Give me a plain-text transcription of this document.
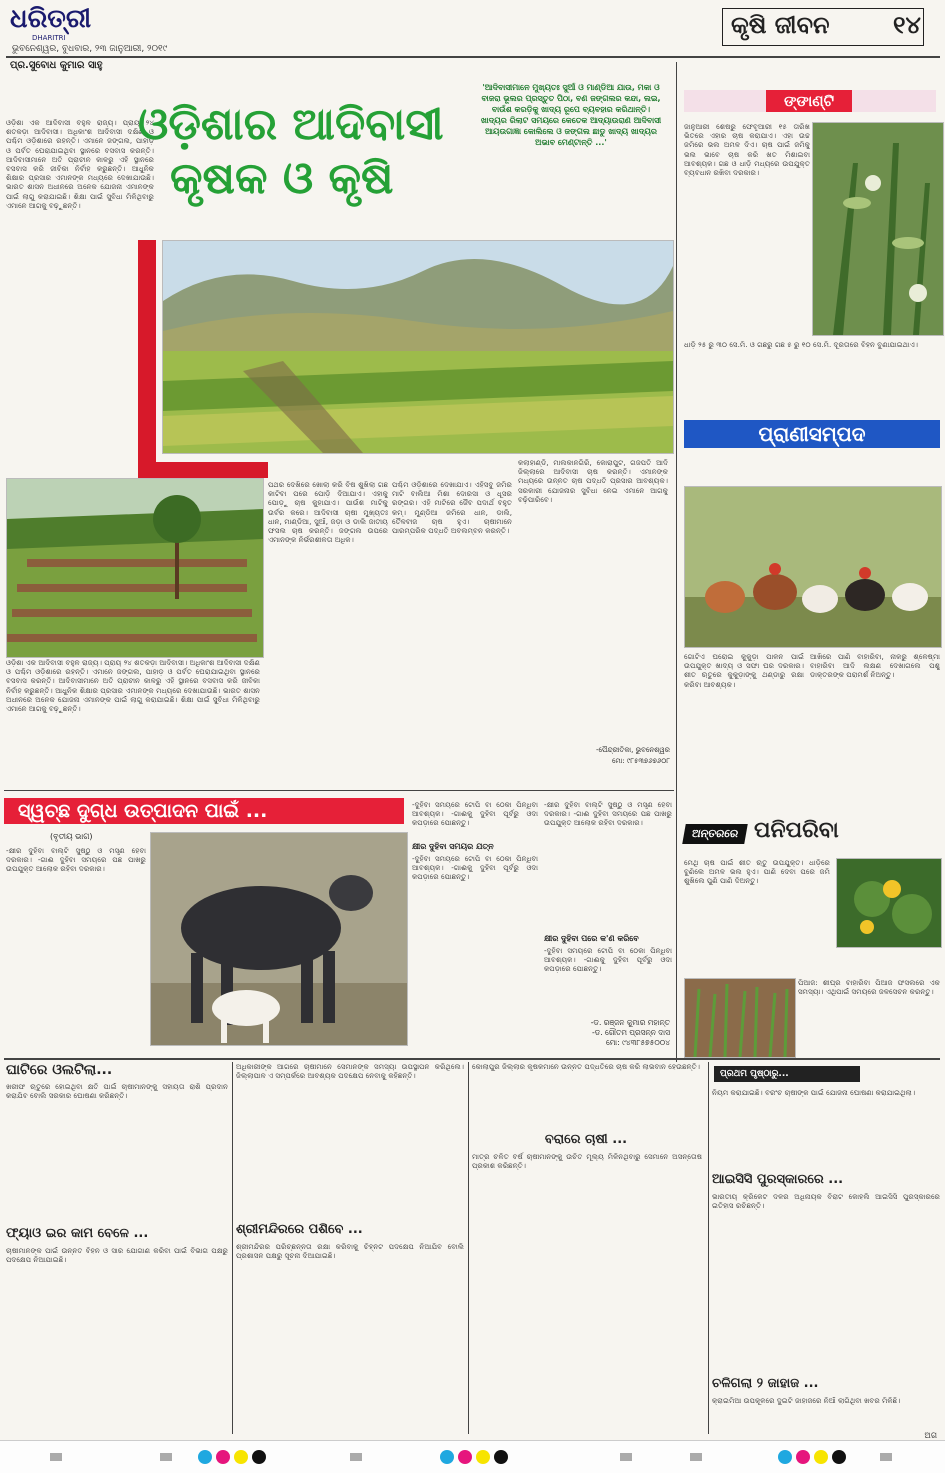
ଧରିତ୍ରୀ
DHARITRI
ଭୁବନେଶ୍ୱର, ବୁଧବାର, ୨୩ ଜାନୁଆରୀ, ୨୦୧୯
କୃଷି ଜୀବନ	୧୪
ପ୍ର.ସୁବୋଧ କୁମାର ସାହୁ
ଓଡ଼ିଶା ଏକ ଆଦିବାସୀ ବହୁଳ ରାଜ୍ୟ। ପ୍ରାୟ ୨୪ ଶତକଡ଼ା ଆଦିବାସୀ। ଅଧିକାଂଶ ଆଦିବାସୀ ଦକ୍ଷିଣ ଓ ପଶ୍ଚିମ ଓଡ଼ିଶାରେ ରହନ୍ତି। ଏମାନେ ଜଙ୍ଗଲ, ପାହାଡ଼ ଓ ପର୍ବତ ଘେରାଯାଇଥିବା ସ୍ଥାନରେ ବସବାସ କରନ୍ତି। ଆଦିବାସୀମାନେ ଅତି ପ୍ରାଚୀନ କାଳରୁ ଏହି ସ୍ଥାନରେ ବସବାସ କରି ଜୀବିକା ନିର୍ବାହ କରୁଛନ୍ତି। ଆଧୁନିକ ଶିକ୍ଷାର ପ୍ରସାର ଏମାନଙ୍କ ମଧ୍ୟରେ ଦେଖାଯାଉଛି। ଭାରତ ଶାସନ ଅଧୀନରେ ଅନେକ ଯୋଜନା ଏମାନଙ୍କ ପାଇଁ ଲାଗୁ କରାଯାଇଛି। ଶିକ୍ଷା ପାଇଁ ସୁବିଧା ମିଳିଥିବାରୁ ଏମାନେ ଆଗକୁ ବଢ଼ୁଛନ୍ତି।
ଓଡ଼ିଶାର ଆଦିବାସୀ
କୃଷକ ଓ କୃଷି
'ଆଦିବାସୀମାନେ ମୁଖ୍ୟତଃ ସୁଆଁ ଓ ମାଣ୍ଡିଆ ଯାଉ, ମକା ଓ ବାଜରା ଭୂଲର ପ୍ରସ୍ତୁତ ପିଠା, ବଣ ଜଙ୍ଗଲର କନ୍ଦା, ଲଇ, ବାଉଁଶ କରଡ଼ିକୁ ଖାଦ୍ୟ ରୂପେ ବ୍ୟବହାର କରିଥାନ୍ତି। ଖାଦ୍ୟର ରିଲାଟ ସମୟରେ କେତେକ ଆଦ୍ୟାଉରାଣ ଆଦିବାସୀ ଆୟଉଗାଜ୍ଞା କୋଲିଲେ ଓ ଜଙ୍ଗଲ ଛାଡୁ ଖାଦ୍ୟ ଖାଦ୍ୟର ଅଭାବ ମେଣ୍ଟାନ୍ତି ...'
ଓଡ଼ିଶା ଏକ ଆଦିବାସୀ ବହୁଳ ରାଜ୍ୟ। ପ୍ରାୟ ୨୪ ଶତକଡ଼ା ଆଦିବାସୀ। ଅଧିକାଂଶ ଆଦିବାସୀ ଦକ୍ଷିଣ ଓ ପଶ୍ଚିମ ଓଡ଼ିଶାରେ ରହନ୍ତି। ଏମାନେ ଜଙ୍ଗଲ, ପାହାଡ଼ ଓ ପର୍ବତ ଘେରାଯାଇଥିବା ସ୍ଥାନରେ ବସବାସ କରନ୍ତି। ଆଦିବାସୀମାନେ ଅତି ପ୍ରାଚୀନ କାଳରୁ ଏହି ସ୍ଥାନରେ ବସବାସ କରି ଜୀବିକା ନିର୍ବାହ କରୁଛନ୍ତି। ଆଧୁନିକ ଶିକ୍ଷାର ପ୍ରସାର ଏମାନଙ୍କ ମଧ୍ୟରେ ଦେଖାଯାଉଛି। ଭାରତ ଶାସନ ଅଧୀନରେ ଅନେକ ଯୋଜନା ଏମାନଙ୍କ ପାଇଁ ଲାଗୁ କରାଯାଇଛି। ଶିକ୍ଷା ପାଇଁ ସୁବିଧା ମିଳିଥିବାରୁ ଏମାନେ ଆଗକୁ ବଢ଼ୁଛନ୍ତି।
ପଥର ଦେଖିରେ ଖୋଲା କରି ବିଷ ଶୁଖିଲା ଗଛ କାଟିବା ପରେ ପୋଡ଼ି ଦିଆଯାଏ। ଏହାକୁ ପୋଡ଼ୁ ଚାଷ କୁହାଯାଏ। ପାଉଁଶ ମାଟିକୁ ଉର୍ବର କରେ। ଆଦିବାସୀ ଚାଷୀ ମୁଖ୍ୟତଃ ଧାନ, ମାଣ୍ଡିଆ, ସୁଆଁ, ଜଡ଼ା ଓ ଡାଲି ଜାତୀୟ ଫସଲ ଚାଷ କରନ୍ତି। ଜଙ୍ଗଲ ଉପରେ ଏମାନଙ୍କ ନିର୍ଭରଶୀଳତା ଅଧିକ।
ପଶ୍ଚିମ ଓଡ଼ିଶାରେ ଦେଖାଯାଏ। ଏହିସବୁ ଜମିର ମାଟି ବାଲିଆ ମିଶା ଦୋରସା ଓ ଧୂସର ରଙ୍ଗର। ଏହି ମାଟିରେ ଜୈବ ପଦାର୍ଥ ବହୁତ କମ୍। ମୁଣ୍ଡିଆ ଜମିରେ ଧାନ, ଡାଲି, ତୈଳବୀଜ ଚାଷ ହୁଏ। ଚାଷୀମାନେ ପାରମ୍ପରିକ ପଦ୍ଧତି ଅବଲମ୍ବନ କରନ୍ତି।
କଲାହାଣ୍ଡି, ମାଲକାନଗିରି, କୋରାପୁଟ, ଗଜପତି ଆଦି ଜିଲ୍ଲାରେ ଆଦିବାସୀ ଚାଷ କରନ୍ତି। ଏମାନଙ୍କ ମଧ୍ୟରେ ଉନ୍ନତ ଚାଷ ପଦ୍ଧତି ପ୍ରସାର ଆବଶ୍ୟକ। ସରକାରୀ ଯୋଜନାର ସୁବିଧା ନେଇ ଏମାନେ ଆଗକୁ ବଢ଼ିପାରିବେ।
-ପୈନ୍ଦ୍ରୀତିକା, ଭୁବନେଶ୍ୱର
ମୋ: ୯୮୫୩୭୬୭୬୦୮
ଙ୍ଙାଣ୍ଟି
ଜାନୁଆରୀ ଶେଷରୁ ଫେବୃଆରୀ ୧୫ ତାରିଖ ଭିତରେ ଏହାର ଚାଷ କରାଯାଏ। ଏହା ଉଚ୍ଚ ଜମିରେ ଭଲ ଅମଳ ଦିଏ। ଚାଷ ପାଇଁ ଜମିକୁ ଭଲ ଭାବେ ଚାଷ କରି ଖତ ମିଶାଇବା ଆବଶ୍ୟକ। ଗଛ ଓ ଧାଡ଼ି ମଧ୍ୟରେ ଉପଯୁକ୍ତ ବ୍ୟବଧାନ ରଖିବା ଦରକାର।
ଧାଡ଼ି ୨୫ ରୁ ୩୦ ସେ.ମି. ଓ ଗଛରୁ ଗଛ ୫ ରୁ ୧୦ ସେ.ମି. ଦୂରତାରେ ବିହନ ବୁଣାଯାଇଥାଏ।
ପ୍ରାଣୀସମ୍ପଦ
ଗୋଟିଏ ଘରୋଇ କୁକୁଡ଼ା ପାଳନ ପାଇଁ ଉପଯୁକ୍ତ ଖାଦ୍ୟ ଓ ସଫା ଘର ଦରକାର। ଶୀତ ଋତୁରେ କୁକୁଡ଼ାଙ୍କୁ ଥଣ୍ଡାରୁ ରକ୍ଷା କରିବା ଆବଶ୍ୟକ।
ଆଖିରେ ପାଣି ବାହାରିବା, ନାକରୁ ଶ୍ଳେଷ୍ମା ବାହାରିବା ଆଦି ଲକ୍ଷଣ ଦେଖାଗଲେ ପଶୁ ଡାକ୍ତରଙ୍କ ପରାମର୍ଶ ନିଅନ୍ତୁ।
ଅନ୍ତରରେ ପନିପରିବା
ମେଥି ଚାଷ ପାଇଁ ଶୀତ ଋତୁ ଉପଯୁକ୍ତ। ଧାଡ଼ିରେ ବୁଣିଲେ ଅମଳ ଭଲ ହୁଏ। ପାଣି ଦେବା ପରେ ଜମି ଶୁଖିଲେ ପୁଣି ପାଣି ଦିଅନ୍ତୁ।
ପିଆଜ: ଶୀଘ୍ର ବାହାରିବା ପିଆଜ ଫସଲରେ ଏକ ସମସ୍ୟା। ଏଥିପାଇଁ ସମୟରେ ଜଳସେଚନ କରନ୍ତୁ।
ସ୍ୱଚ୍ଛ ଦୁଗ୍ଧ ଉତ୍ପାଦନ ପାଇଁ ...
(ବୃତୀୟ ଭାଗ)
-କ୍ଷୀର ଦୁହିବା ବାଲ୍ଟି ସୁଷ୍ଠୁ ଓ ମସୃଣ ହେବା ଦରକାର। -ଗାଈ ଦୁହିବା ସମୟରେ ପଛ ପାଖରୁ ଉପଯୁକ୍ତ ଆଲୋକ ରହିବା ଦରକାର।
-ଦୁହିବା ସମୟରେ ଟୋପି ବା ଠେକା ପିନ୍ଧିବା ଆବଶ୍ୟକ। -ଗାଈକୁ ଦୁହିବା ପୂର୍ବରୁ ଓଦା କପଡ଼ାରେ ପୋଛନ୍ତୁ।
କ୍ଷୀର ଦୁହିବା ସମୟର ଯତ୍ନ
-ଦୁହିବା ସମୟରେ ଟୋପି ବା ଠେକା ପିନ୍ଧିବା ଆବଶ୍ୟକ। -ଗାଈକୁ ଦୁହିବା ପୂର୍ବରୁ ଓଦା କପଡ଼ାରେ ପୋଛନ୍ତୁ।
-କ୍ଷୀର ଦୁହିବା ବାଲ୍ଟି ସୁଷ୍ଠୁ ଓ ମସୃଣ ହେବା ଦରକାର। -ଗାଈ ଦୁହିବା ସମୟରେ ପଛ ପାଖରୁ ଉପଯୁକ୍ତ ଆଲୋକ ରହିବା ଦରକାର।
କ୍ଷୀର ଦୁହିବା ପରେ କ'ଣ କରିବେ
-ଦୁହିବା ସମୟରେ ଟୋପି ବା ଠେକା ପିନ୍ଧିବା ଆବଶ୍ୟକ। -ଗାଈକୁ ଦୁହିବା ପୂର୍ବରୁ ଓଦା କପଡ଼ାରେ ପୋଛନ୍ତୁ।
-ଡ. ରଞ୍ଜନ କୁମାର ମହାନ୍ତ
-ଡ. ଗୌତମ ପ୍ରସନ୍ନ ଦାସ
ମୋ: ୯୪୩୮୫୭୫୦୦୪
ଘାଟିରେ ଓଲଟିଲା...
ଖରୀଫ ଋତୁରେ ହୋଇଥିବା କ୍ଷତି ପାଇଁ ଚାଷୀମାନଙ୍କୁ ସହାୟତା ରାଶି ପ୍ରଦାନ କରାଯିବ ବୋଲି ସରକାର ଘୋଷଣା କରିଛନ୍ତି।
ଫ୍ୟାଓ ଇର କାମ ବେଳେ ...
ଚାଷୀମାନଙ୍କ ପାଇଁ ଉନ୍ନତ ବିହନ ଓ ସାର ଯୋଗାଣ କରିବା ପାଇଁ ବିଭାଗ ପକ୍ଷରୁ ପଦକ୍ଷେପ ନିଆଯାଇଛି।
ଅଧିକାରୀଙ୍କ ଆଗରେ ଚାଷୀମାନେ ସେମାନଙ୍କ ସମସ୍ୟା ଉପସ୍ଥାପନ କରିଥିଲେ। ଜିଲ୍ଲାପାଳ ଏ ସମ୍ପର୍କରେ ଆବଶ୍ୟକ ପଦକ୍ଷେପ ନେବାକୁ କହିଛନ୍ତି।
ଶ୍ରୀମନ୍ଦିରରେ ପଶିବେ ...
ଶ୍ରୀମନ୍ଦିରର ପରିଚ୍ଛନ୍ନତା ରକ୍ଷା କରିବାକୁ ଚିହ୍ନଟ ପଦକ୍ଷେପ ନିଆଯିବ ବୋଲି ପ୍ରଶାସନ ପକ୍ଷରୁ ସୂଚନା ଦିଆଯାଇଛି।
କୋଲାପୁର ଜିଲ୍ଲାର କୃଷକମାନେ ଉନ୍ନତ ପଦ୍ଧତିରେ ଚାଷ କରି ଲାଭବାନ ହେଉଛନ୍ତି।
ବରାରେ ଚାଷୀ ...
ମାତ୍ର ଚଳିତ ବର୍ଷ ଚାଷୀମାନଙ୍କୁ ଉଚିତ ମୂଲ୍ୟ ମିଳିନଥିବାରୁ ସେମାନେ ଅସନ୍ତୋଷ ପ୍ରକାଶ କରିଛନ୍ତି।
ପ୍ରଥମ ପୃଷ୍ଠାରୁ...
ନିୟମ କରାଯାଇଛି। ବରଂଚ ଚାଷୀଙ୍କ ପାଇଁ ଯୋଜନା ଘୋଷଣା କରାଯାଇଥିଲା।
ଆଇସିସି ପୁରସ୍କାରରେ ...
ଭାରତୀୟ କ୍ରିକେଟ ଦଳର ଅଧିନାୟକ ବିରାଟ କୋହଲି ଆଇସିସି ପୁରସ୍କାରରେ ଇତିହାସ ରଚିଛନ୍ତି।
ଚଳିଗଲା ୨ ଜାହାଜ ...
କ୍ରାଇମିଆ ଉପକୂଳରେ ଦୁଇଟି ଜାହାଜରେ ନିଆଁ ଲାଗିଥିବା ଖବର ମିଳିଛି।
ଅଗ
